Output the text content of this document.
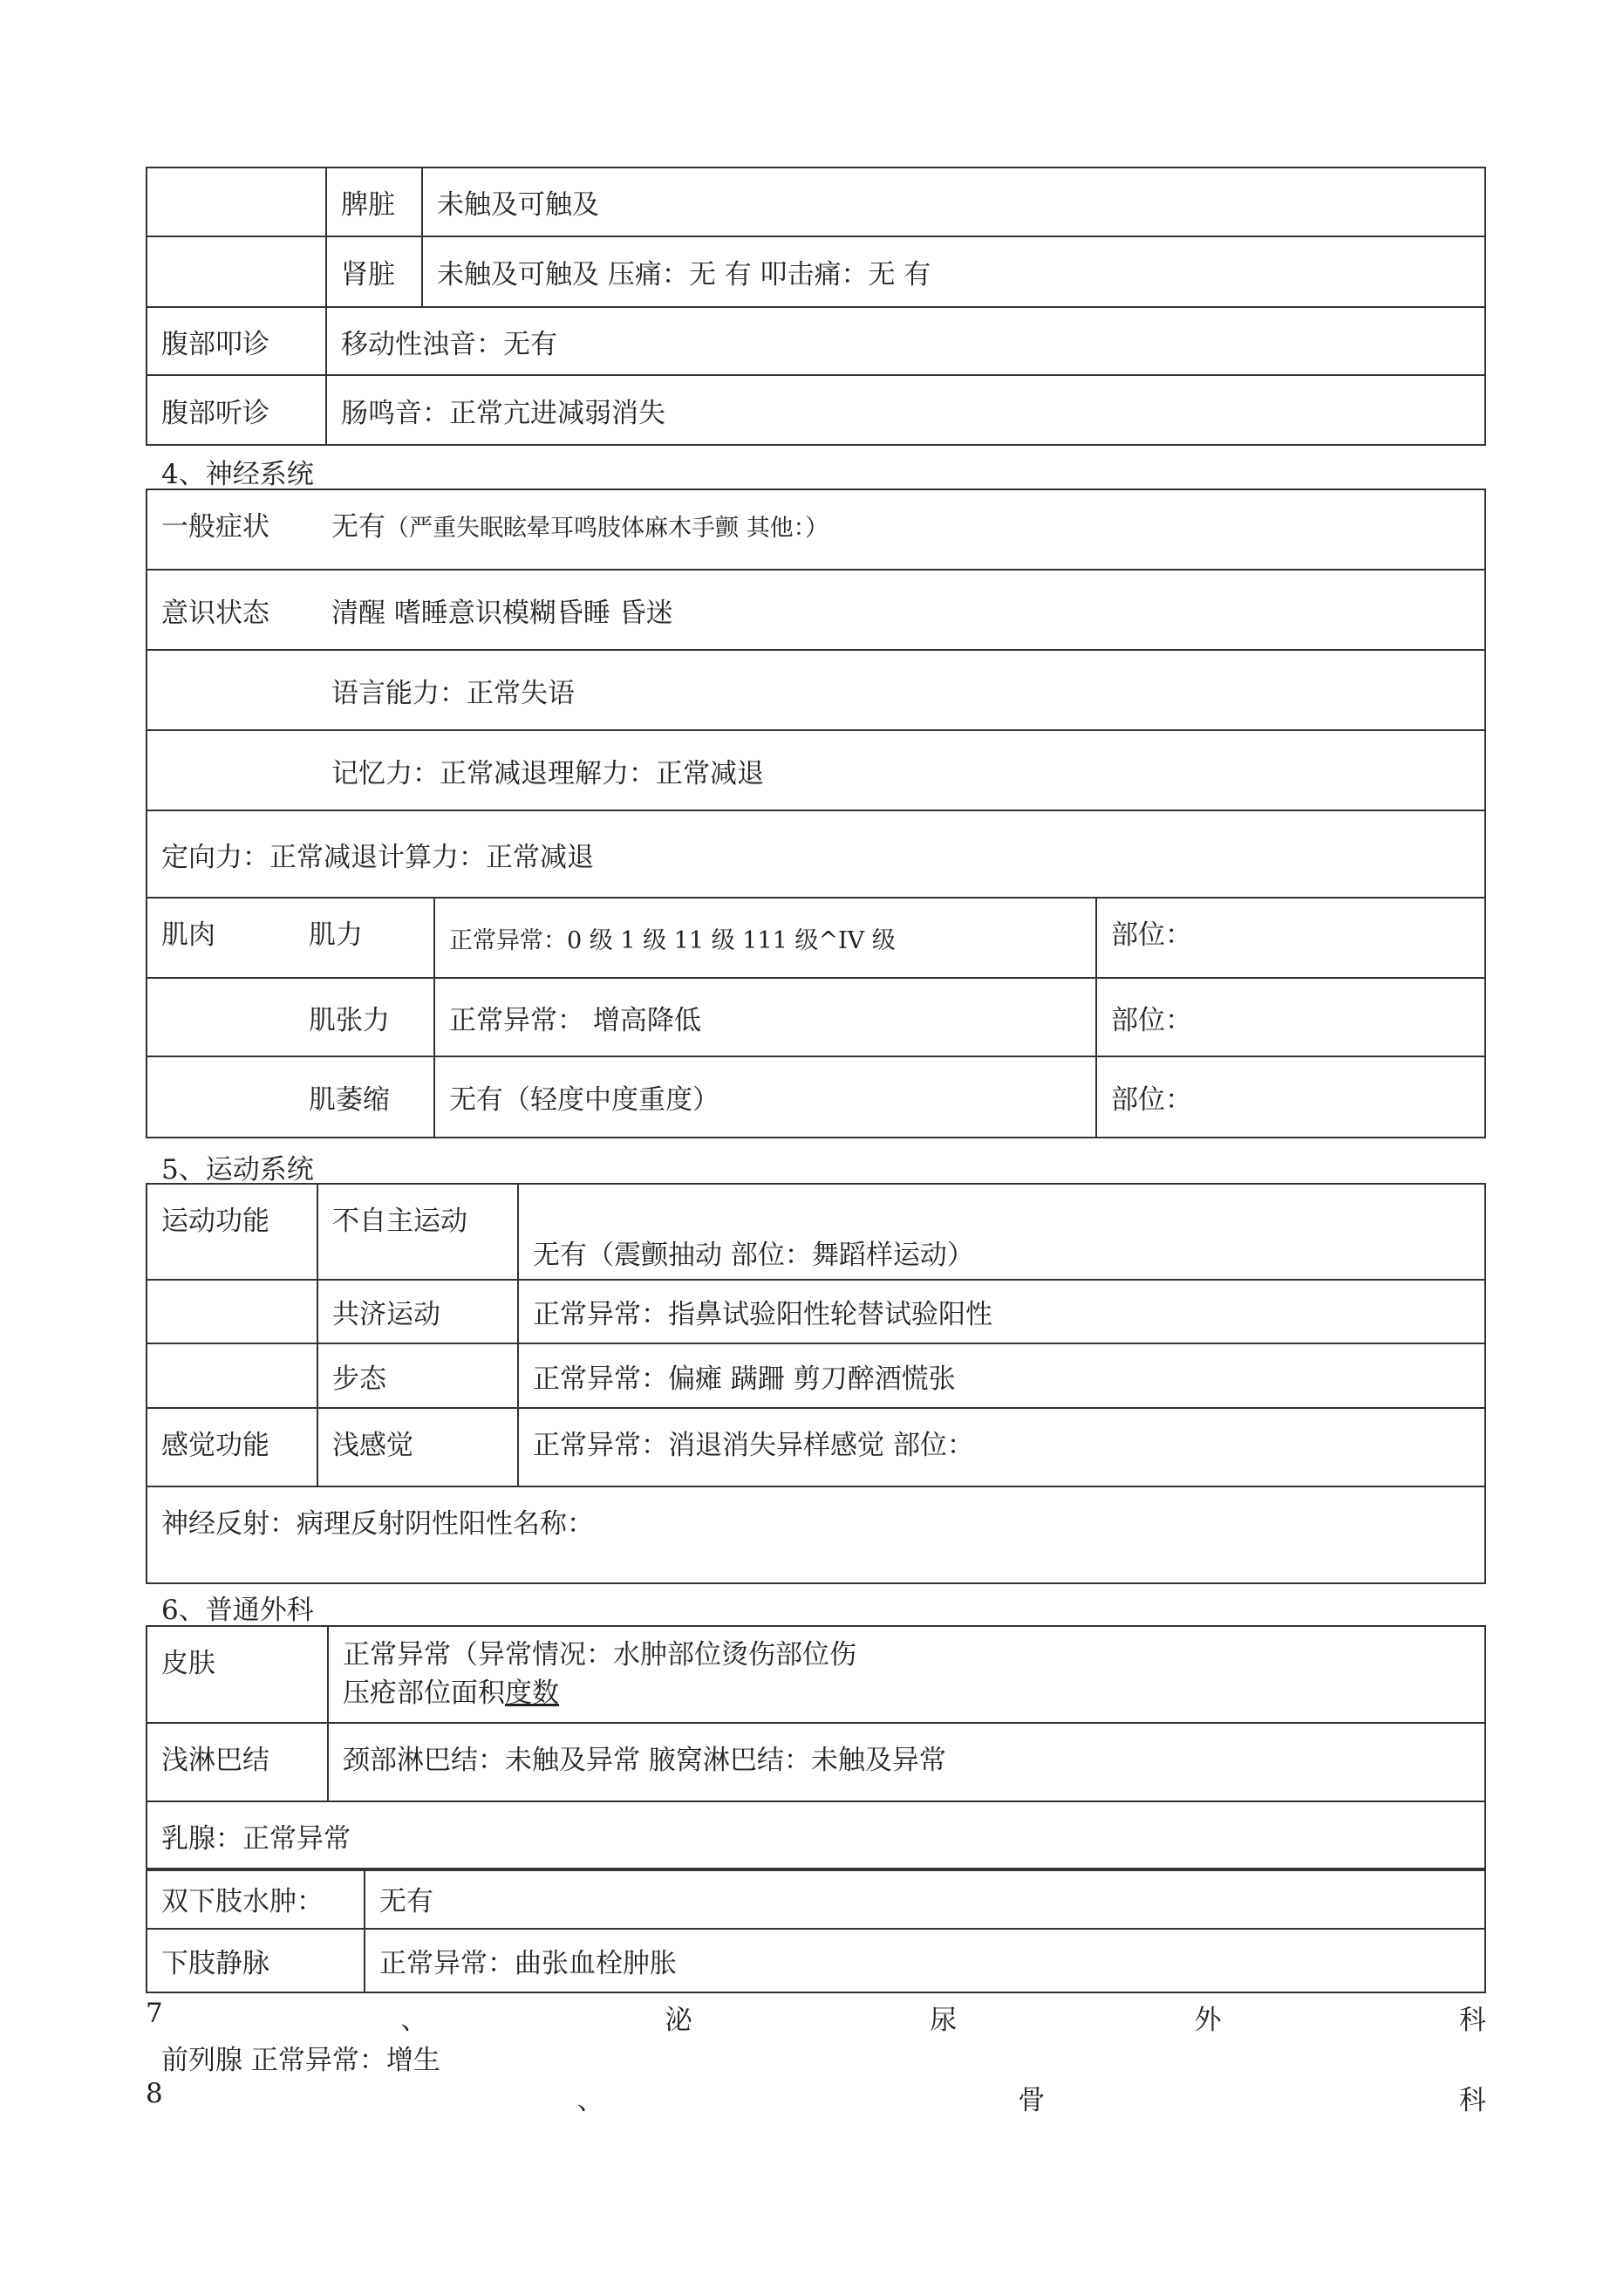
	脾脏	未触及可触及
	肾脏	未触及可触及 压痛：无 有 叩击痛：无 有
腹部叩诊	移动性浊音：无有	
腹部听诊	肠鸣音：正常亢进减弱消失	
4、神经系统
一般症状	无有（严重失眠眩晕耳鸣肢体麻木手颤 其他：）
意识状态	清醒 嗜睡意识模糊昏睡 昏迷
	语言能力：正常失语
	记忆力：正常减退理解力：正常减退
定向力：正常减退计算力：正常减退	
肌肉	肌力	正常异常：0 级 1 级 11 级 111 级^IV 级	部位：
	肌张力	正常异常： 增高降低	部位：
	肌萎缩	无有（轻度中度重度）	部位：
5、运动系统
运动功能	不自主运动	无有（震颤抽动 部位：舞蹈样运动）
	共济运动	正常异常：指鼻试验阳性轮替试验阳性
	步态	正常异常：偏瘫 蹒跚 剪刀醉酒慌张
感觉功能	浅感觉	正常异常：消退消失异样感觉 部位：
神经反射：病理反射阴性阳性名称：		
6、普通外科
皮肤	正常异常（异常情况：水肿部位烫伤部位伤
压疮部位面积度数

浅淋巴结	颈部淋巴结：未触及异常 腋窝淋巴结：未触及异常
乳腺：正常异常	
双下肢水肿：	无有
下肢静脉	正常异常：曲张血栓肿胀
7	、	泌	尿	外	科
前列腺 正常异常：增生
8	、	骨	科
